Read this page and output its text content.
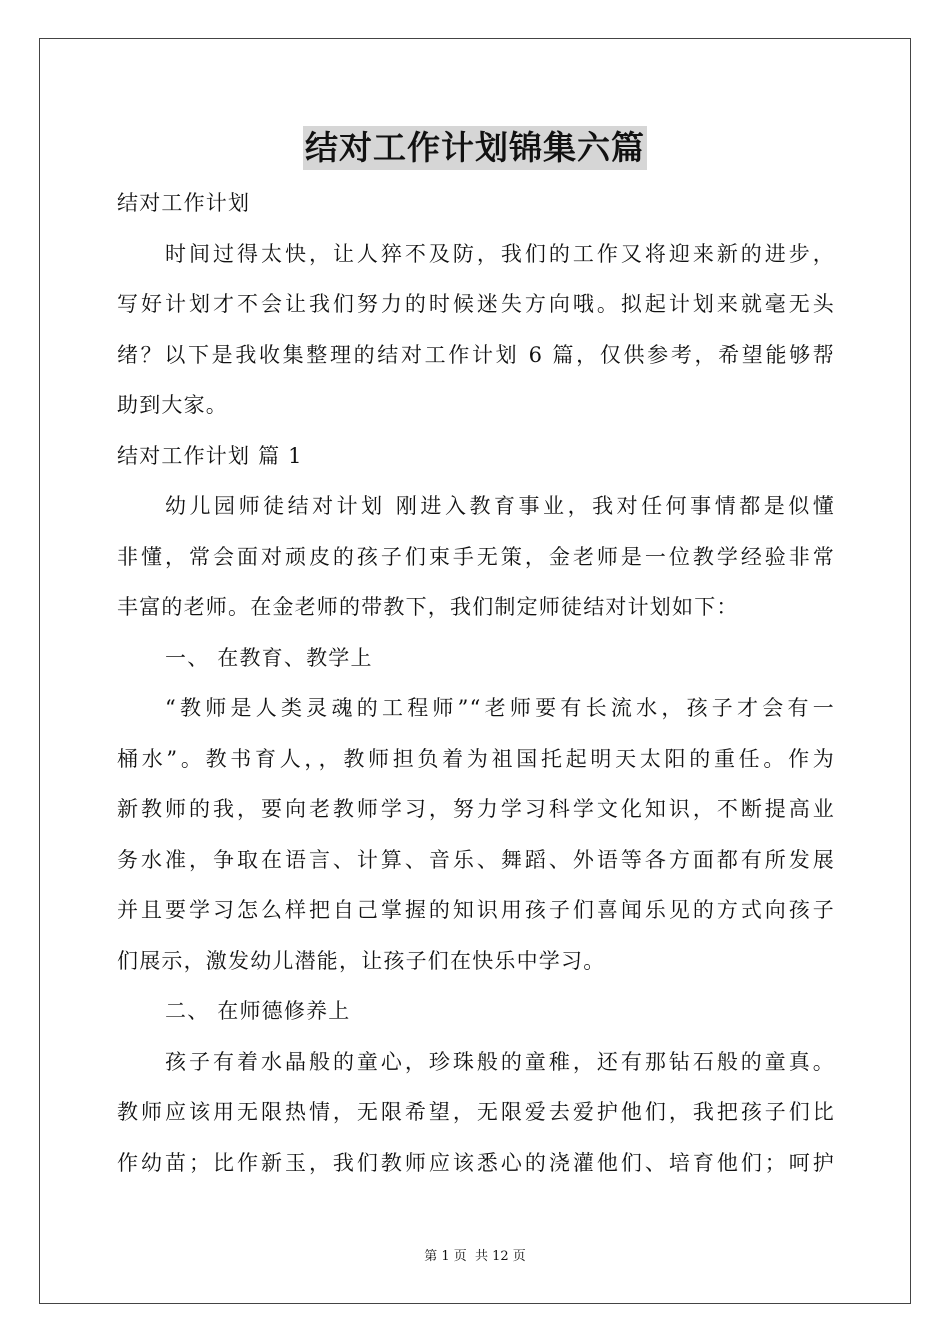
结对工作计划锦集六篇
结对工作计划
时间过得太快，让人猝不及防，我们的工作又将迎来新的进步，
写好计划才不会让我们努力的时候迷失方向哦。拟起计划来就毫无头
绪？以下是我收集整理的结对工作计划 6 篇，仅供参考，希望能够帮
助到大家。
结对工作计划 篇 1
幼儿园师徒结对计划 刚进入教育事业，我对任何事情都是似懂
非懂，常会面对顽皮的孩子们束手无策，金老师是一位教学经验非常
丰富的老师。在金老师的带教下，我们制定师徒结对计划如下：
一、 在教育、教学上
“教师是人类灵魂的工程师”“老师要有长流水，孩子才会有一
桶水”。教书育人，，教师担负着为祖国托起明天太阳的重任。作为
新教师的我，要向老教师学习，努力学习科学文化知识，不断提高业
务水准，争取在语言、计算、音乐、舞蹈、外语等各方面都有所发展
并且要学习怎么样把自己掌握的知识用孩子们喜闻乐见的方式向孩子
们展示，激发幼儿潜能，让孩子们在快乐中学习。
二、 在师德修养上
孩子有着水晶般的童心，珍珠般的童稚，还有那钻石般的童真。
教师应该用无限热情，无限希望，无限爱去爱护他们，我把孩子们比
作幼苗；比作新玉，我们教师应该悉心的浇灌他们、培育他们；呵护
第 1 页 共 12 页
